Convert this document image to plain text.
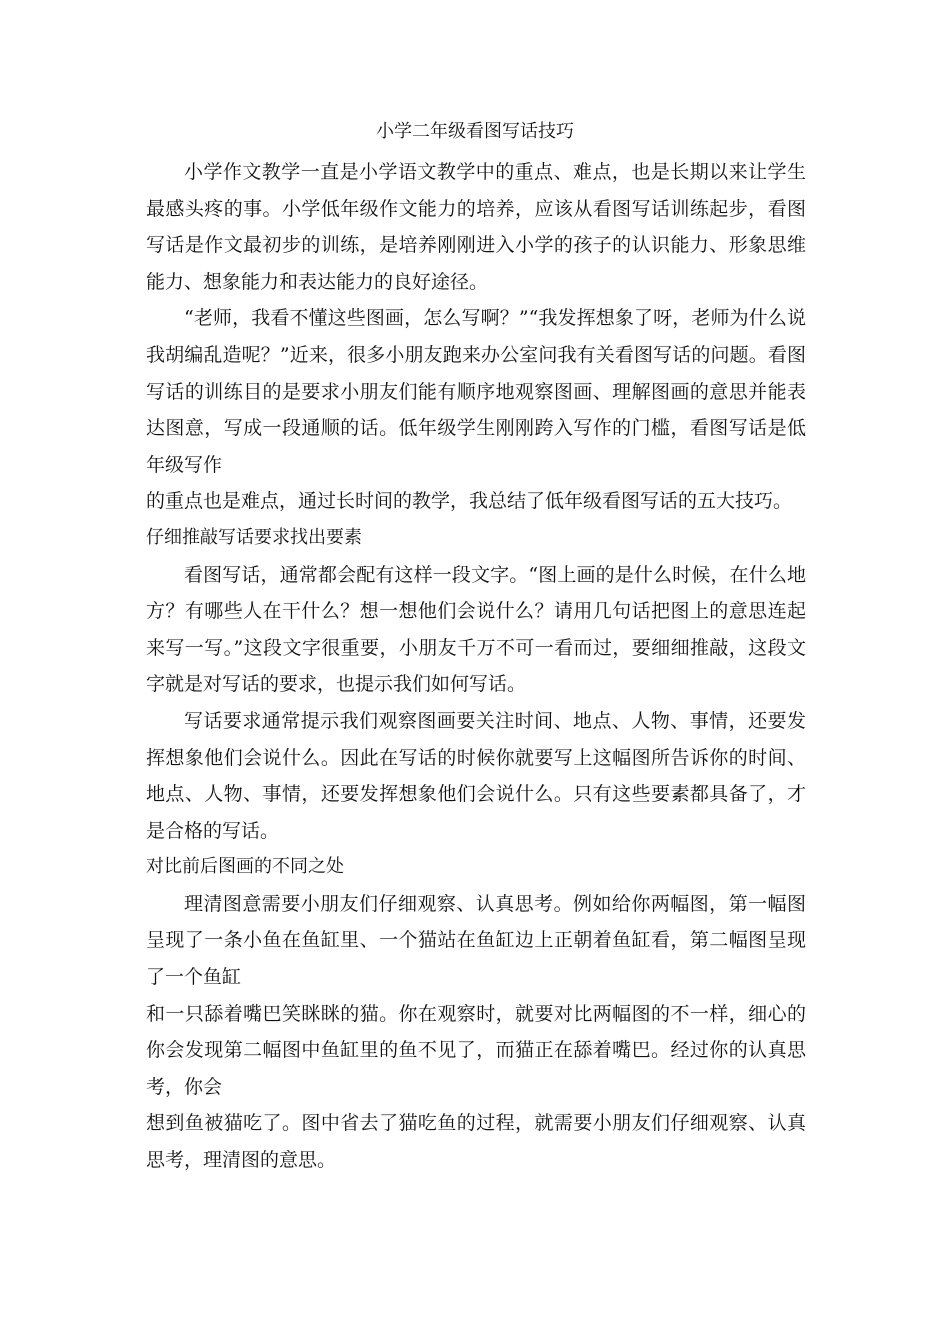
小学二年级看图写话技巧

小学作文教学一直是小学语文教学中的重点、难点，也是长期以来让学生最感头疼的事。小学低年级作文能力的培养，应该从看图写话训练起步，看图写话是作文最初步的训练，是培养刚刚进入小学的孩子的认识能力、形象思维能力、想象能力和表达能力的良好途径。

“老师，我看不懂这些图画，怎么写啊？”“我发挥想象了呀，老师为什么说我胡编乱造呢？”近来，很多小朋友跑来办公室问我有关看图写话的问题。看图写话的训练目的是要求小朋友们能有顺序地观察图画、理解图画的意思并能表达图意，写成一段通顺的话。低年级学生刚刚跨入写作的门槛，看图写话是低年级写作

的重点也是难点，通过长时间的教学，我总结了低年级看图写话的五大技巧。

仔细推敲写话要求找出要素

看图写话，通常都会配有这样一段文字。“图上画的是什么时候，在什么地方？有哪些人在干什么？想一想他们会说什么？请用几句话把图上的意思连起来写一写。”这段文字很重要，小朋友千万不可一看而过，要细细推敲，这段文字就是对写话的要求，也提示我们如何写话。

写话要求通常提示我们观察图画要关注时间、地点、人物、事情，还要发挥想象他们会说什么。因此在写话的时候你就要写上这幅图所告诉你的时间、地点、人物、事情，还要发挥想象他们会说什么。只有这些要素都具备了，才是合格的写话。

对比前后图画的不同之处

理清图意需要小朋友们仔细观察、认真思考。例如给你两幅图，第一幅图呈现了一条小鱼在鱼缸里、一个猫站在鱼缸边上正朝着鱼缸看，第二幅图呈现了一个鱼缸

和一只舔着嘴巴笑眯眯的猫。你在观察时，就要对比两幅图的不一样，细心的你会发现第二幅图中鱼缸里的鱼不见了，而猫正在舔着嘴巴。经过你的认真思考，你会

想到鱼被猫吃了。图中省去了猫吃鱼的过程，就需要小朋友们仔细观察、认真思考，理清图的意思。
